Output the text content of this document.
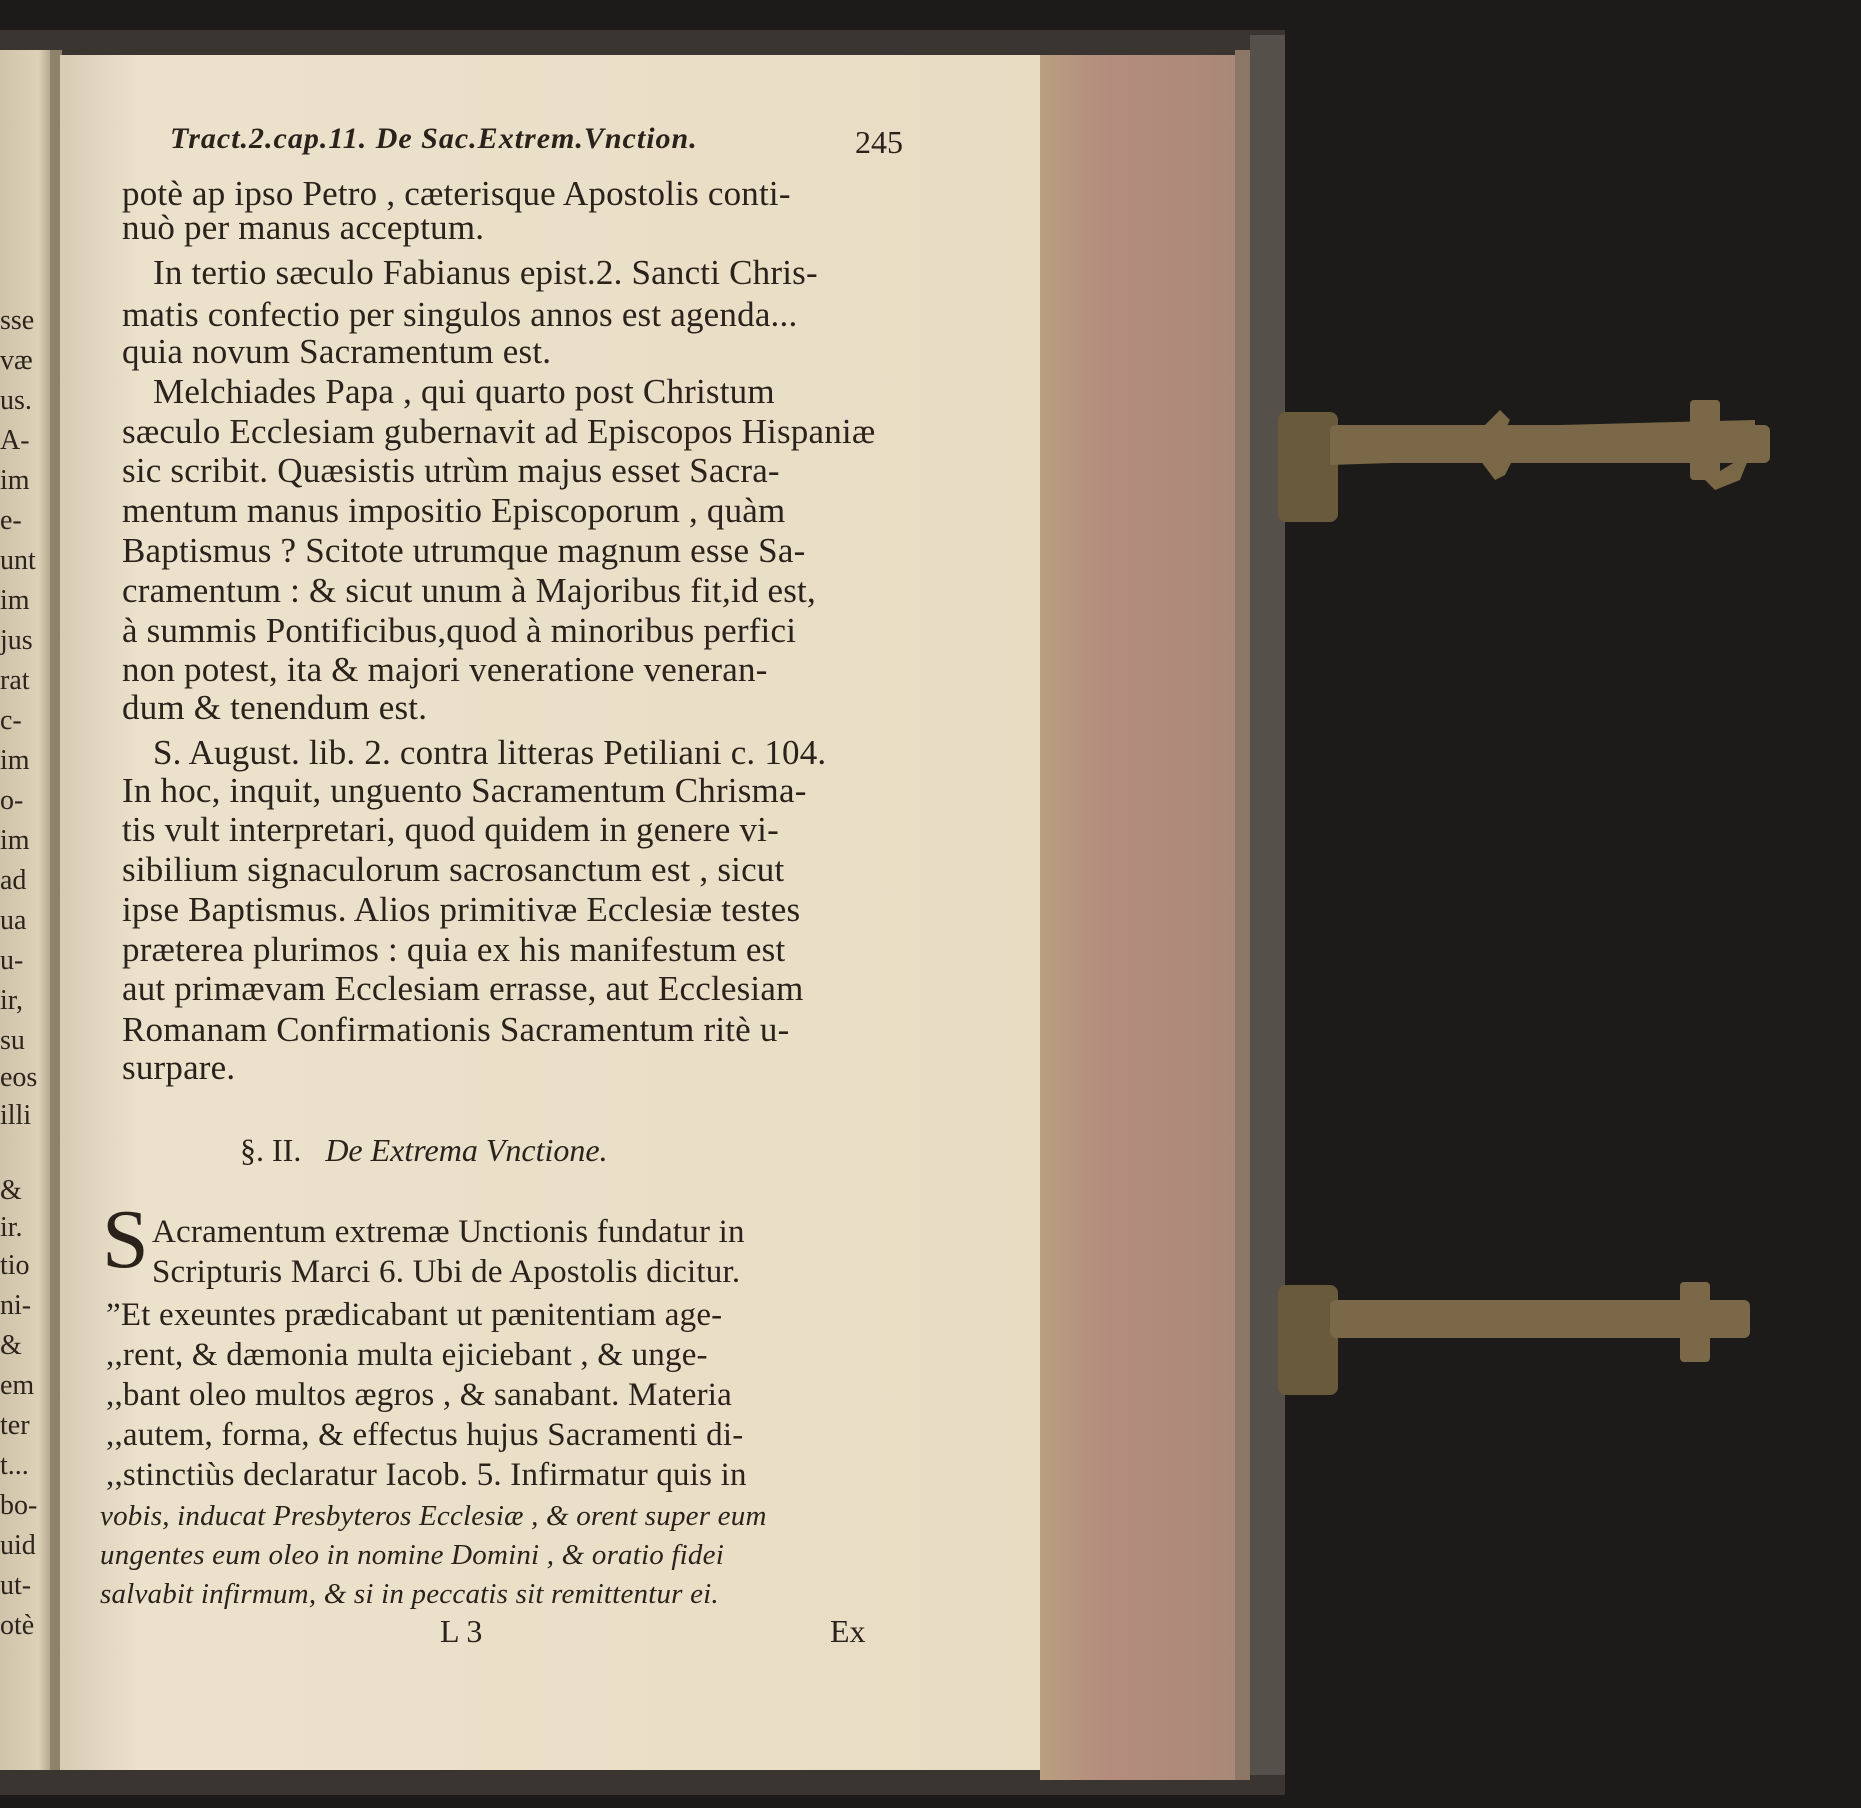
Tract.2.cap.11. De Sac.Extrem.Vnction.	245
potè ap ipso Petro , cæterisque Apostolis conti-
nuò per manus acceptum.
In tertio sæculo Fabianus epist.2. Sancti Chris-
matis confectio per singulos annos est agenda...
quia novum Sacramentum est.
Melchiades Papa , qui quarto post Christum
sæculo Ecclesiam gubernavit ad Episcopos Hispaniæ
sic scribit. Quæsistis utrùm majus esset Sacra-
mentum manus impositio Episcoporum , quàm
Baptismus ? Scitote utrumque magnum esse Sa-
cramentum : & sicut unum à Majoribus fit,id est,
à summis Pontificibus,quod à minoribus perfici
non potest, ita & majori veneratione veneran-
dum & tenendum est.
S. August. lib. 2. contra litteras Petiliani c. 104.
In hoc, inquit, unguento Sacramentum Chrisma-
tis vult interpretari, quod quidem in genere vi-
sibilium signaculorum sacrosanctum est , sicut
ipse Baptismus. Alios primitivæ Ecclesiæ testes
præterea plurimos : quia ex his manifestum est
aut primævam Ecclesiam errasse, aut Ecclesiam
Romanam Confirmationis Sacramentum ritè u-
surpare.
§. II. De Extrema Vnctione.
S Acramentum extremæ Unctionis fundatur in
Scripturis Marci 6. Ubi de Apostolis dicitur.
”Et exeuntes prædicabant ut pænitentiam age-
,,rent, & dæmonia multa ejiciebant , & unge-
,,bant oleo multos ægros , & sanabant. Materia
,,autem, forma, & effectus hujus Sacramenti di-
,,stinctiùs declaratur Iacob. 5. Infirmatur quis in
vobis, inducat Presbyteros Ecclesiæ , & orent super eum
ungentes eum oleo in nomine Domini , & oratio fidei
salvabit infirmum, & si in peccatis sit remittentur ei.
L 3	Ex
sse
væ
us.
A-
im
e-
unt
im
jus
rat
c-
im
o-
im
ad
ua
u-
ir,
su
eos
illi
&
ir.
tio
ni-
&
em
ter
t...
bo-
uid
ut-
otè
